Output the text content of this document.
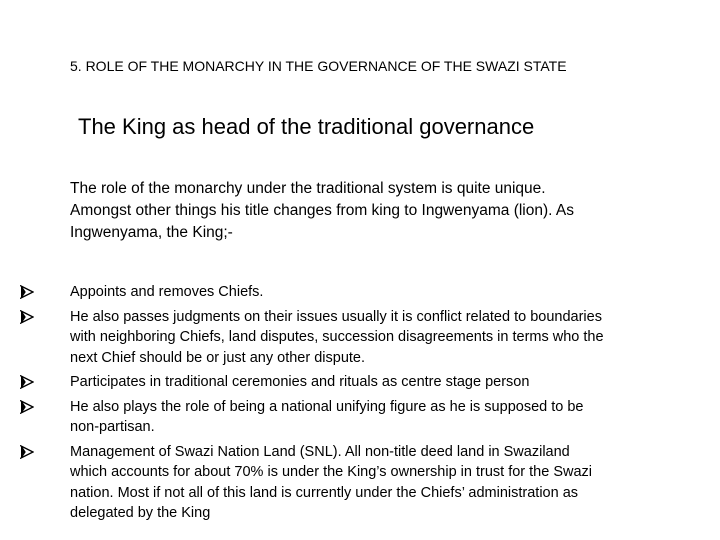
5. ROLE OF THE MONARCHY IN THE GOVERNANCE OF THE SWAZI STATE
The King as head of the traditional governance
The role of the monarchy under the traditional system is quite unique.
Amongst other things his title changes from king to Ingwenyama (lion). As
Ingwenyama, the King;-
Appoints and removes Chiefs.
He also passes judgments on their issues usually it is conflict related to boundaries
with neighboring Chiefs, land disputes, succession disagreements in terms who the
next Chief should be or just any other dispute.
Participates in traditional ceremonies and rituals as centre stage person
He also plays the role of being a national unifying figure as he is supposed to be
non-partisan.
Management of Swazi Nation Land (SNL). All non-title deed land in Swaziland
which accounts for about 70% is under the King’s ownership in trust for the Swazi
nation. Most if not all of this land is currently under the Chiefs’ administration as
delegated by the King
